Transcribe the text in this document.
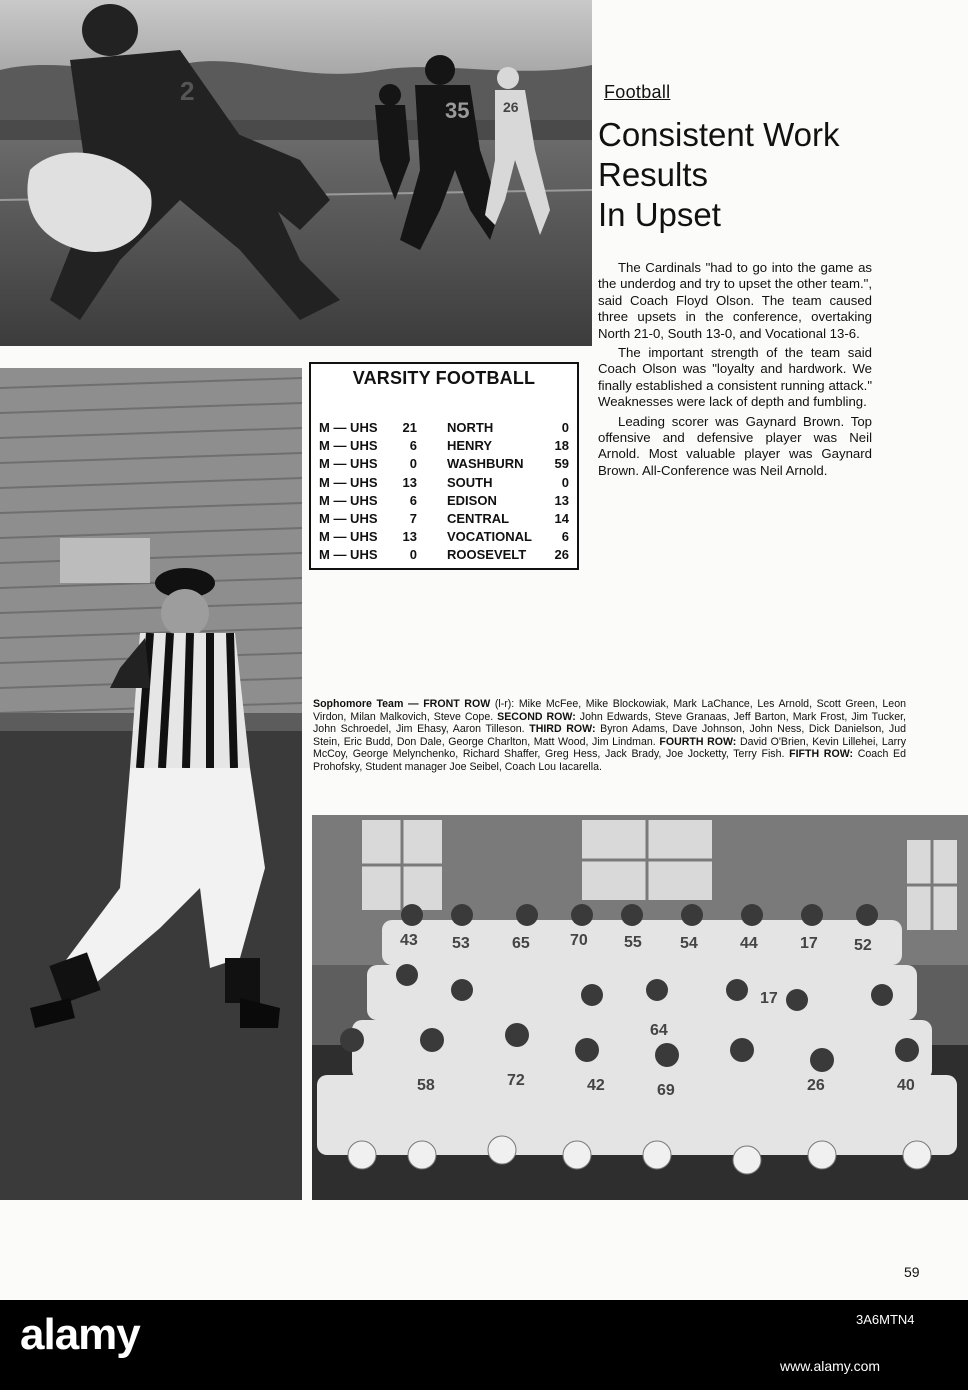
35 26
2
43 53	65	70 55 54	44	17 52
17
64
58	72	42	69	26	40
Football
Consistent Work
Results
In Upset

The Cardinals "had to go into the game as the underdog and try to upset the other team.", said Coach Floyd Olson. The team caused three upsets in the conference, overtaking North 21-0, South 13-0, and Vocational 13-6.

The important strength of the team said Coach Olson was "loyalty and hardwork. We finally established a consistent running attack." Weaknesses were lack of depth and fumbling.

Leading scorer was Gaynard Brown. Top offensive and defensive player was Neil Arnold. Most valuable player was Gaynard Brown. All-Conference was Neil Arnold.

VARSITY FOOTBALL
M — UHS 21 NORTH	0
M — UHS 6 HENRY	18
M — UHS 0 WASHBURN 59
M — UHS 13 SOUTH	0
M — UHS 6 EDISON	13
M — UHS 7 CENTRAL	14
M — UHS 13 VOCATIONAL 6
M — UHS 0 ROOSEVELT 26
Sophomore Team — FRONT ROW (l-r): Mike McFee, Mike Blockowiak, Mark LaChance, Les Arnold, Scott Green, Leon Virdon, Milan Malkovich, Steve Cope. SECOND ROW: John Edwards, Steve Granaas, Jeff Barton, Mark Frost, Jim Tucker, John Schroedel, Jim Ehasy, Aaron Tilleson. THIRD ROW: Byron Adams, Dave Johnson, John Ness, Dick Danielson, Jud Stein, Eric Budd, Don Dale, George Charlton, Matt Wood, Jim Lindman. FOURTH ROW: David O'Brien, Kevin Lillehei, Larry McCoy, George Melynchenko, Richard Shaffer, Greg Hess, Jack Brady, Joe Jocketty, Terry Fish. FIFTH ROW: Coach Ed Prohofsky, Student manager Joe Seibel, Coach Lou Iacarella.
59
alamy	3A6MTN4
www.alamy.com
